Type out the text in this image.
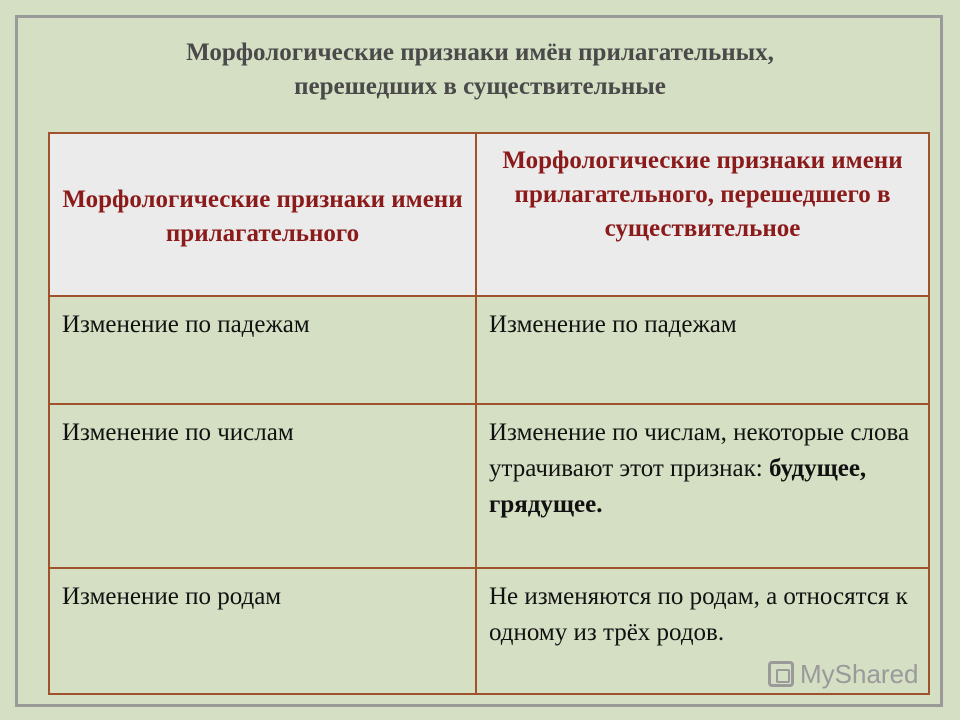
Морфологические признаки имён прилагательных,
перешедших в существительные
Морфологические признаки имени прилагательного	Морфологические признаки имени прилагательного, перешедшего в существительное
Изменение по падежам	Изменение по падежам
Изменение по числам	Изменение по числам, некоторые слова утрачивают этот признак: будущее, грядущее.
Изменение по родам	Не изменяются по родам, а относятся к одному из трёх родов.
MyShared
